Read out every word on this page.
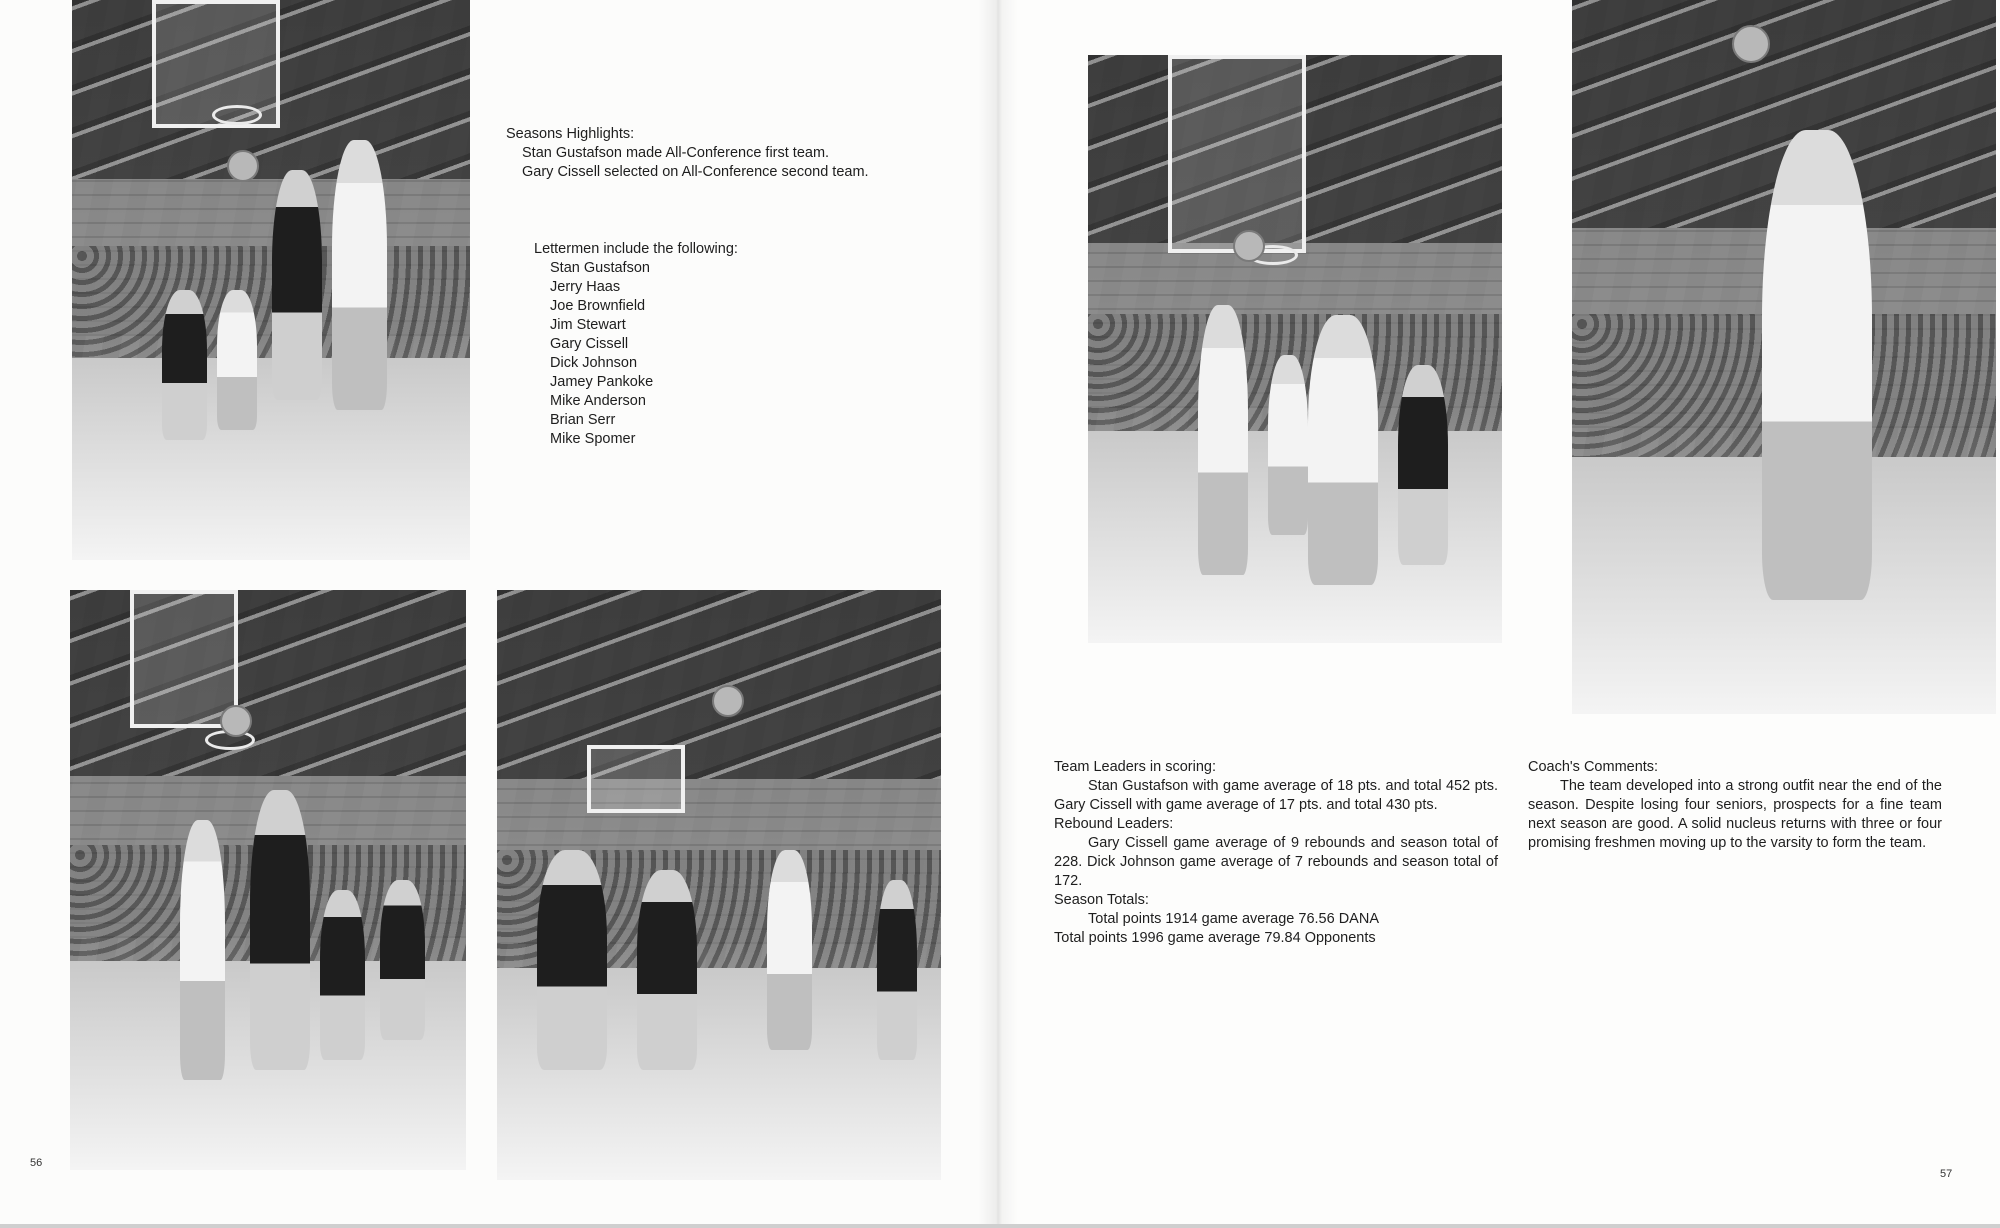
Seasons Highlights:

Stan Gustafson made All-Conference first team.

Gary Cissell selected on All-Conference second team.

Lettermen include the following:

Stan Gustafson
Jerry Haas
Joe Brownfield
Jim Stewart
Gary Cissell
Dick Johnson
Jamey Pankoke
Mike Anderson
Brian Serr
Mike Spomer
56

Team Leaders in scoring:

Stan Gustafson with game average of 18 pts. and total 452 pts. Gary Cissell with game average of 17 pts. and total 430 pts.

Rebound Leaders:

Gary Cissell game average of 9 rebounds and season total of 228. Dick Johnson game average of 7 rebounds and season total of 172.

Season Totals:

Total points 1914 game average 76.56 DANA

Total points 1996 game average 79.84 Opponents

Coach's Comments:

The team developed into a strong outfit near the end of the season. Despite losing four seniors, prospects for a fine team next season are good. A solid nucleus returns with three or four promising freshmen moving up to the varsity to form the team.

57
